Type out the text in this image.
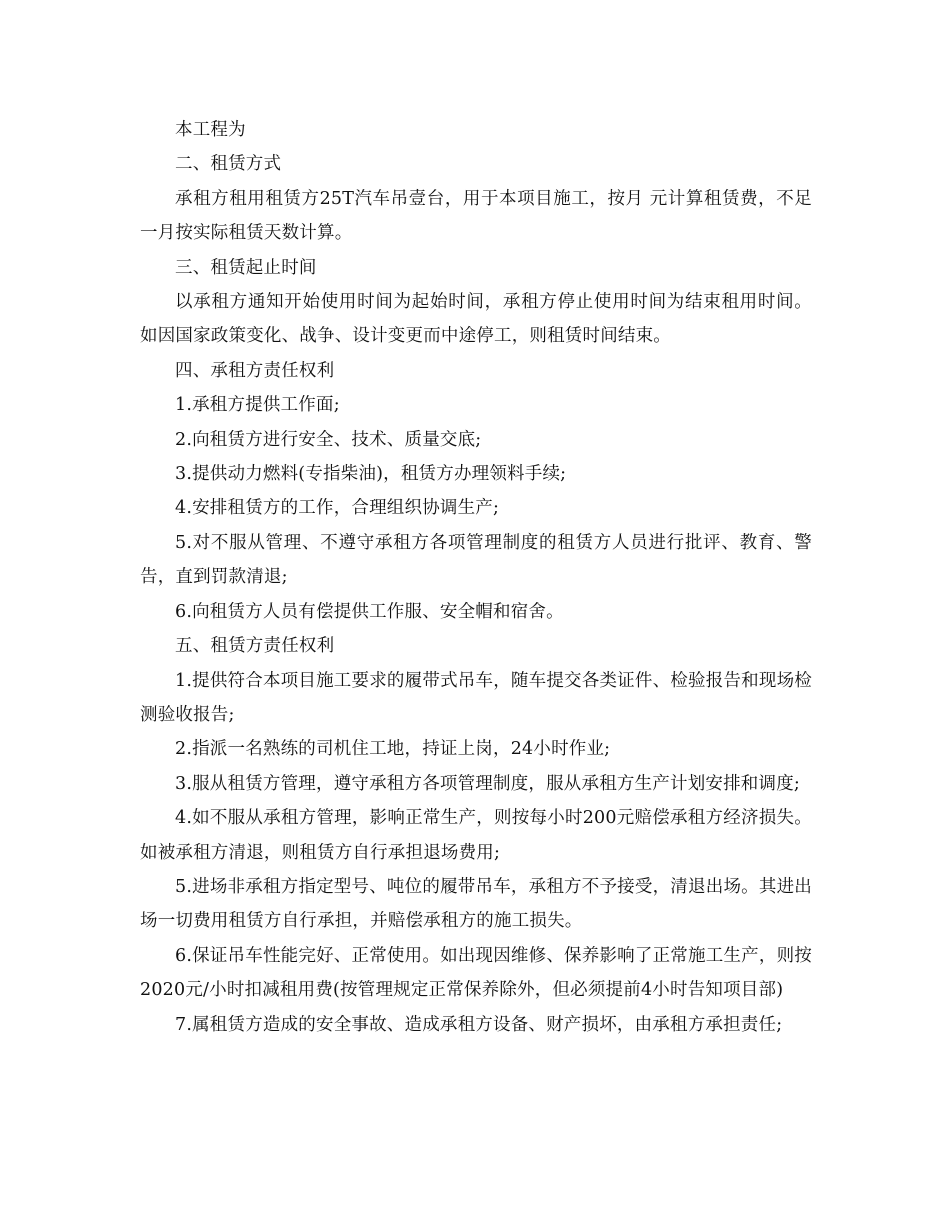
本工程为

二、租赁方式

承租方租用租赁方25T汽车吊壹台，用于本项目施工，按月 元计算租赁费，不足一月按实际租赁天数计算。

三、租赁起止时间

以承租方通知开始使用时间为起始时间，承租方停止使用时间为结束租用时间。如因国家政策变化、战争、设计变更而中途停工，则租赁时间结束。

四、承租方责任权利

1.承租方提供工作面;

2.向租赁方进行安全、技术、质量交底;

3.提供动力燃料(专指柴油)，租赁方办理领料手续;

4.安排租赁方的工作，合理组织协调生产;

5.对不服从管理、不遵守承租方各项管理制度的租赁方人员进行批评、教育、警告，直到罚款清退;

6.向租赁方人员有偿提供工作服、安全帽和宿舍。

五、租赁方责任权利

1.提供符合本项目施工要求的履带式吊车，随车提交各类证件、检验报告和现场检测验收报告;

2.指派一名熟练的司机住工地，持证上岗，24小时作业;

3.服从租赁方管理，遵守承租方各项管理制度，服从承租方生产计划安排和调度;

4.如不服从承租方管理，影响正常生产，则按每小时200元赔偿承租方经济损失。如被承租方清退，则租赁方自行承担退场费用;

5.进场非承租方指定型号、吨位的履带吊车，承租方不予接受，清退出场。其进出场一切费用租赁方自行承担，并赔偿承租方的施工损失。

6.保证吊车性能完好、正常使用。如出现因维修、保养影响了正常施工生产，则按2020元/小时扣减租用费(按管理规定正常保养除外，但必须提前4小时告知项目部)

7.属租赁方造成的安全事故、造成承租方设备、财产损坏，由承租方承担责任;
